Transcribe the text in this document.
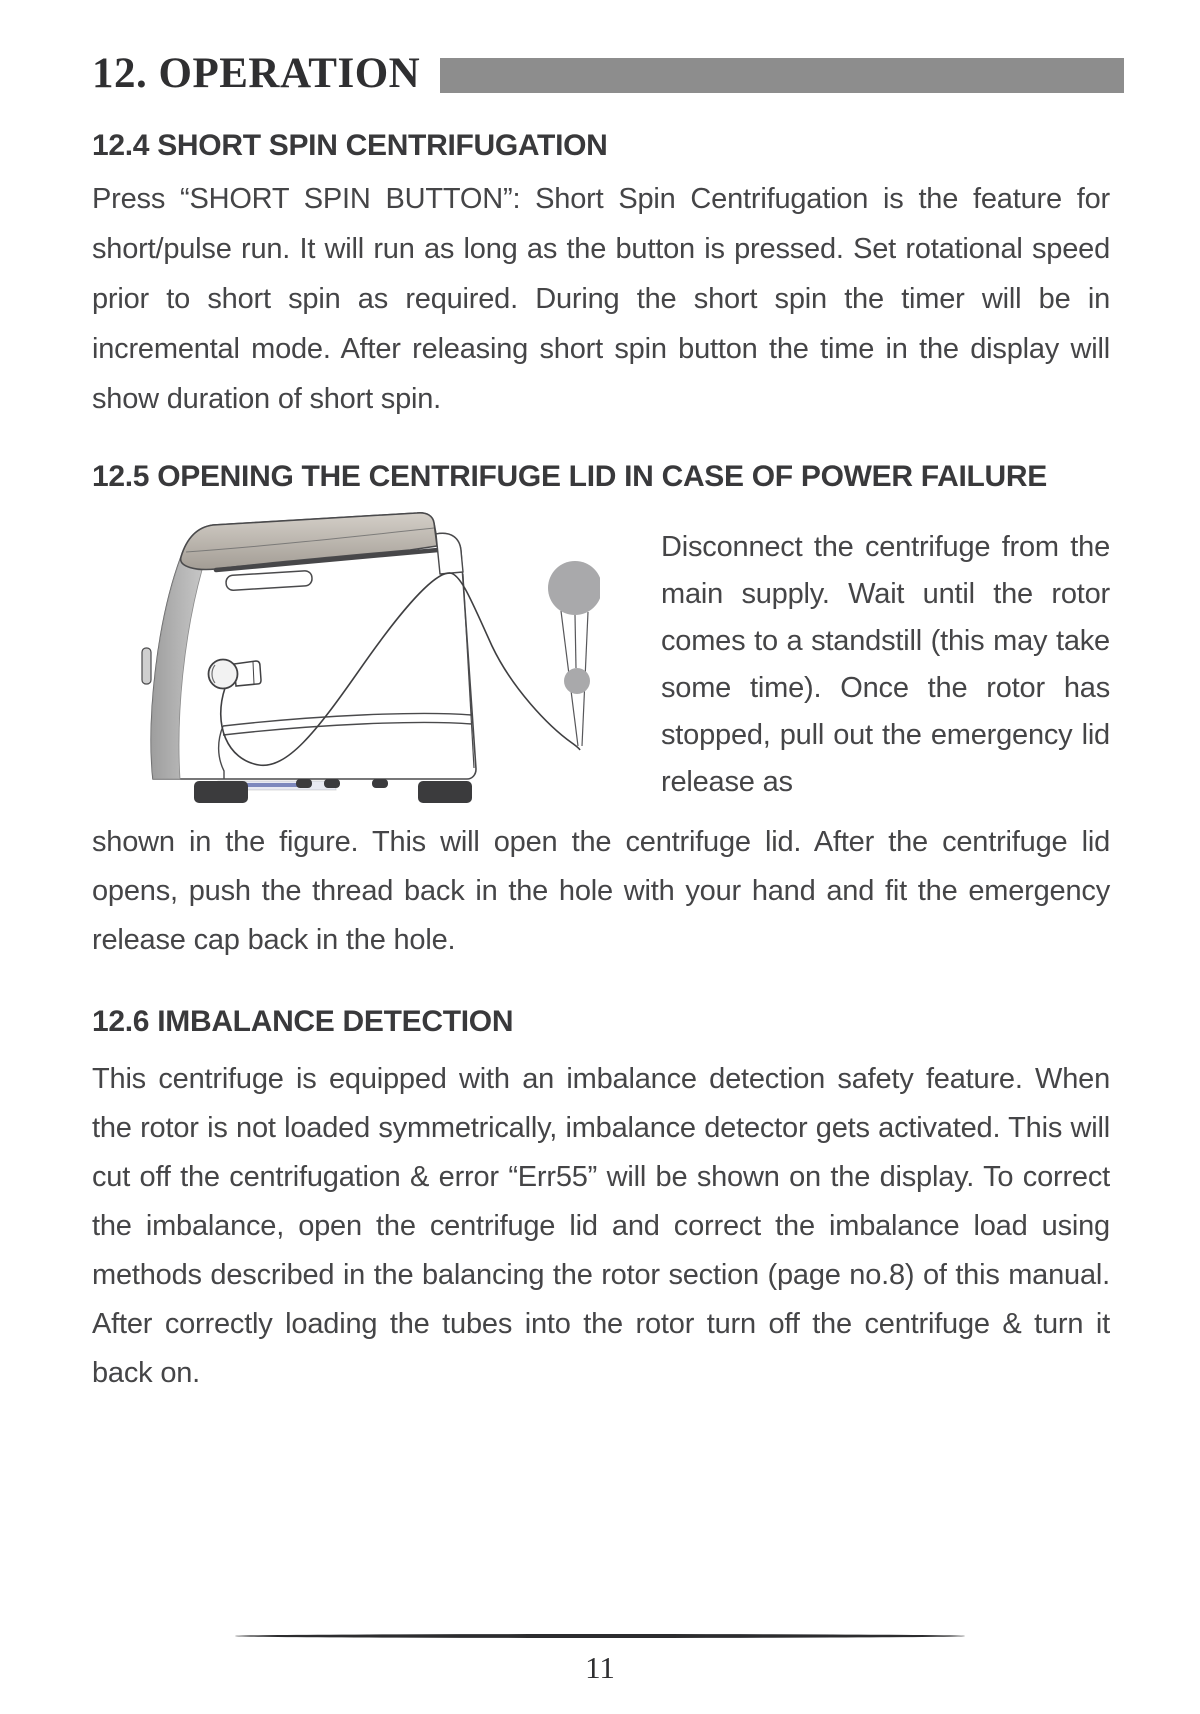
12. OPERATION
12.4 SHORT SPIN CENTRIFUGATION

Press “SHORT SPIN BUTTON”: Short Spin Centrifugation is the feature for short/pulse run. It will run as long as the button is pressed. Set rotational speed prior to short spin as required. During the short spin the timer will be in incremental mode. After releasing short spin button the time in the display will show duration of short spin.

12.5 OPENING THE CENTRIFUGE LID IN CASE OF POWER FAILURE

Disconnect the centrifuge from the main supply. Wait until the rotor comes to a standstill (this may take some time). Once the rotor has stopped, pull out the emergency lid release as

shown in the figure. This will open the centrifuge lid. After the centrifuge lid opens, push the thread back in the hole with your hand and fit the emergency release cap back in the hole.

12.6 IMBALANCE DETECTION

This centrifuge is equipped with an imbalance detection safety feature. When the rotor is not loaded symmetrically, imbalance detector gets activated. This will cut off the centrifugation & error “Err55” will be shown on the display. To correct the imbalance, open the centrifuge lid and correct the imbalance load using methods described in the balancing the rotor section (page no.8) of this manual. After correctly loading the tubes into the rotor turn off the centrifuge & turn it back on.

11
